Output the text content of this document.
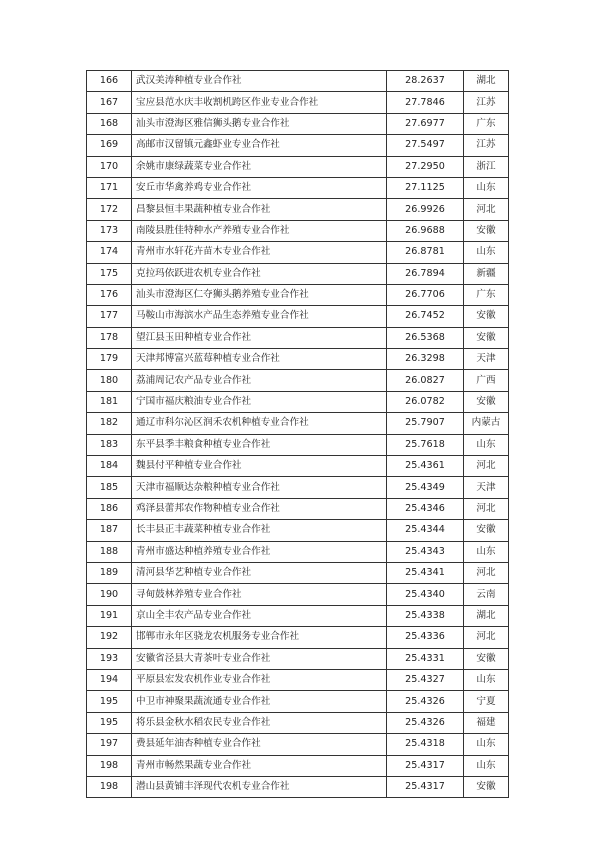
166	武汉美涛种植专业合作社	28.2637	湖北
167	宝应县范水庆丰收割机跨区作业专业合作社	27.7846	江苏
168	汕头市澄海区雅信狮头鹅专业合作社	27.6977	广东
169	高邮市汉留镇元鑫虾业专业合作社	27.5497	江苏
170	余姚市康绿蔬菜专业合作社	27.2950	浙江
171	安丘市华禽养鸡专业合作社	27.1125	山东
172	昌黎县恒丰果蔬种植专业合作社	26.9926	河北
173	南陵县胜佳特种水产养殖专业合作社	26.9688	安徽
174	青州市水轩花卉苗木专业合作社	26.8781	山东
175	克拉玛依跃进农机专业合作社	26.7894	新疆
176	汕头市澄海区仁夺狮头鹅养殖专业合作社	26.7706	广东
177	马鞍山市海滨水产品生态养殖专业合作社	26.7452	安徽
178	望江县玉田种植专业合作社	26.5368	安徽
179	天津邦博富兴蓝莓种植专业合作社	26.3298	天津
180	荔浦周记农产品专业合作社	26.0827	广西
181	宁国市福庆粮油专业合作社	26.0782	安徽
182	通辽市科尔沁区润禾农机种植专业合作社	25.7907	内蒙古
183	东平县季丰粮食种植专业合作社	25.7618	山东
184	魏县付平种植专业合作社	25.4361	河北
185	天津市福顺达杂粮种植专业合作社	25.4349	天津
186	鸡泽县蕾邦农作物种植专业合作社	25.4346	河北
187	长丰县正丰蔬菜种植专业合作社	25.4344	安徽
188	青州市盛达种植养殖专业合作社	25.4343	山东
189	清河县华艺种植专业合作社	25.4341	河北
190	寻甸鼓林养殖专业合作社	25.4340	云南
191	京山全丰农产品专业合作社	25.4338	湖北
192	邯郸市永年区骁龙农机服务专业合作社	25.4336	河北
193	安徽省泾县大青茶叶专业合作社	25.4331	安徽
194	平原县宏发农机作业专业合作社	25.4327	山东
195	中卫市神聚果蔬流通专业合作社	25.4326	宁夏
195	将乐县金秋水稻农民专业合作社	25.4326	福建
197	费县延年油杏种植专业合作社	25.4318	山东
198	青州市畅然果蔬专业合作社	25.4317	山东
198	潜山县黄铺丰泽现代农机专业合作社	25.4317	安徽
